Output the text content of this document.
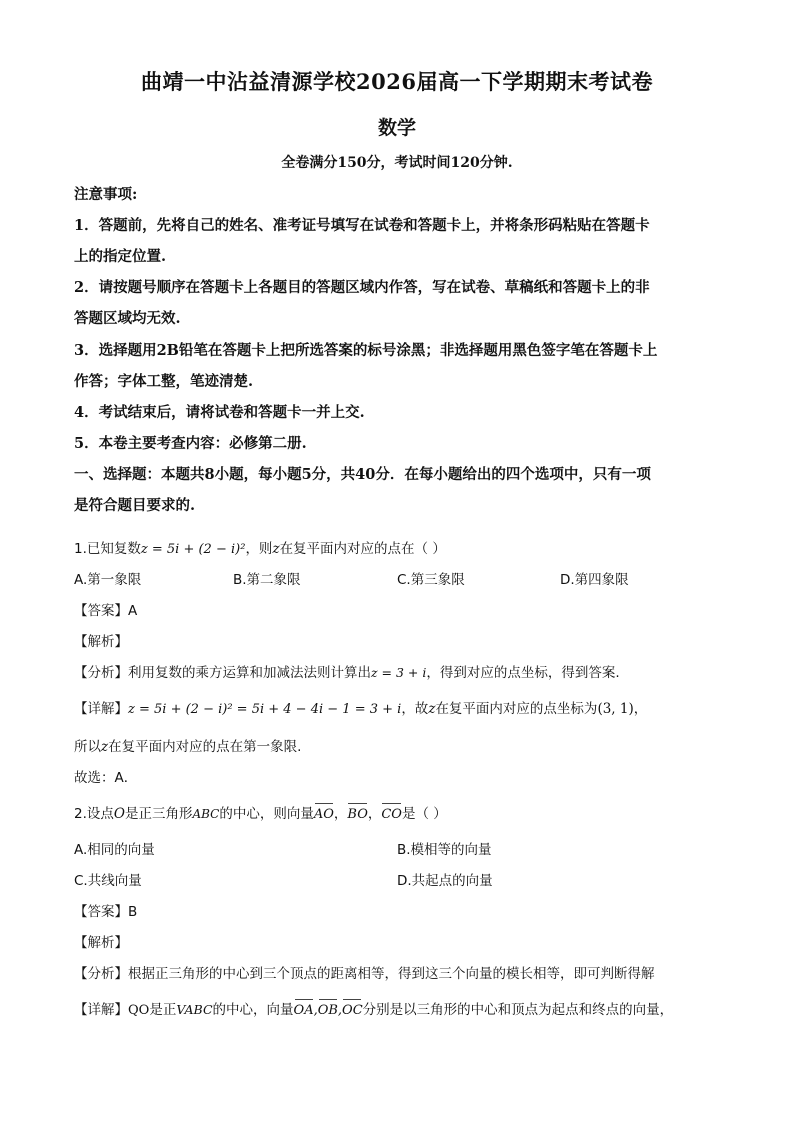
曲靖一中沾益清源学校2026届高一下学期期末考试卷
数学
全卷满分150分，考试时间120分钟.
注意事项:
1．答题前，先将自己的姓名、准考证号填写在试卷和答题卡上，并将条形码粘贴在答题卡
上的指定位置.
2．请按题号顺序在答题卡上各题目的答题区域内作答，写在试卷、草稿纸和答题卡上的非
答题区域均无效.
3．选择题用2B铅笔在答题卡上把所选答案的标号涂黑；非选择题用黑色签字笔在答题卡上
作答；字体工整，笔迹清楚.
4．考试结束后，请将试卷和答题卡一并上交.
5．本卷主要考查内容：必修第二册.
一、选择题：本题共8小题，每小题5分，共40分．在每小题给出的四个选项中，只有一项
是符合题目要求的.
1.已知复数z = 5i + (2 − i)²，则z在复平面内对应的点在（ ）
A.第一象限	B.第二象限	C.第三象限	D.第四象限
【答案】A
【解析】
【分析】利用复数的乘方运算和加减法法则计算出z = 3 + i，得到对应的点坐标，得到答案.
【详解】z = 5i + (2 − i)² = 5i + 4 − 4i − 1 = 3 + i，故z在复平面内对应的点坐标为(3, 1)，
所以z在复平面内对应的点在第一象限.
故选：A．
2.设点O是正三角形ABC的中心，则向量
AO，
BO，
CO是（ ）
A.相同的向量	B.模相等的向量
C.共线向量	D.共起点的向量
【答案】B
【解析】
【分析】根据正三角形的中心到三个顶点的距离相等，得到这三个向量的模长相等，即可判断得解
【详解】QO是正VABC的中心，向量
OA,OB,OC分别是以三角形的中心和顶点为起点和终点的向量，
